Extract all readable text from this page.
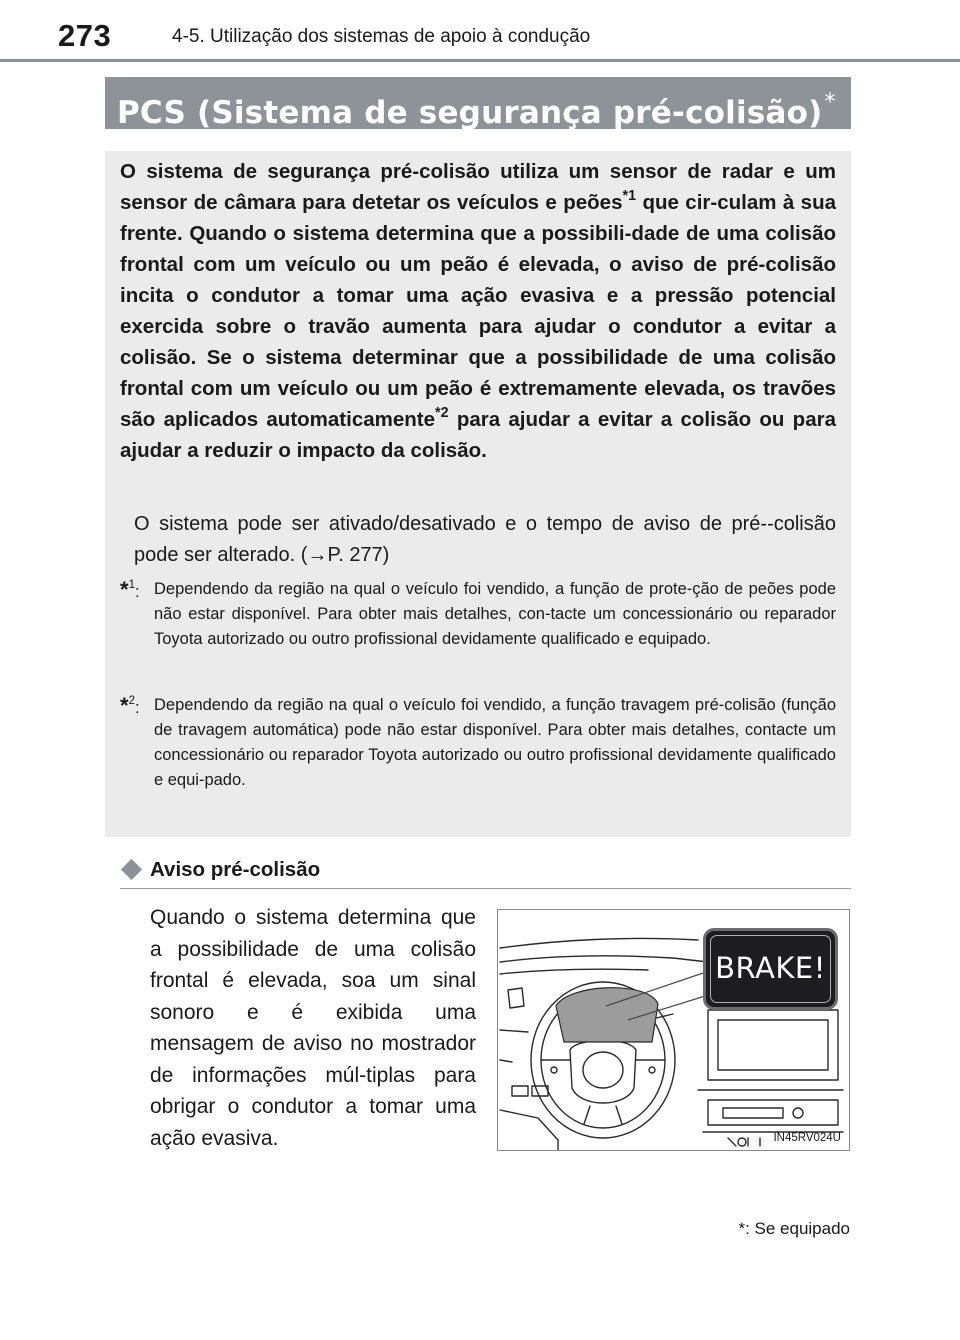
273	4-5. Utilização dos sistemas de apoio à condução
PCS (Sistema de segurança pré-colisão)*
O sistema de segurança pré-colisão utiliza um sensor de radar e um sensor de câmara para detetar os veículos e peões$^{*1}$ que cir-culam à sua frente. Quando o sistema determina que a possibili-dade de uma colisão frontal com um veículo ou um peão é elevada, o aviso de pré-colisão incita o condutor a tomar uma ação evasiva e a pressão potencial exercida sobre o travão aumenta para ajudar o condutor a evitar a colisão. Se o sistema determinar que a possibilidade de uma colisão frontal com um veículo ou um peão é extremamente elevada, os travões são aplicados automaticamente$^{*2}$ para ajudar a evitar a colisão ou para ajudar a reduzir o impacto da colisão.
O sistema pode ser ativado/desativado e o tempo de aviso de pré--colisão pode ser alterado. (→P. 277)
*$^1$: Dependendo da região na qual o veículo foi vendido, a função de prote-ção de peões pode não estar disponível. Para obter mais detalhes, con-tacte um concessionário ou reparador Toyota autorizado ou outro profissional devidamente qualificado e equipado.
*$^2$: Dependendo da região na qual o veículo foi vendido, a função travagem pré-colisão (função de travagem automática) pode não estar disponível. Para obter mais detalhes, contacte um concessionário ou reparador Toyota autorizado ou outro profissional devidamente qualificado e equi-pado.
Aviso pré-colisão
Quando o sistema determina que a possibilidade de uma colisão frontal é elevada, soa um sinal sonoro e é exibida uma mensagem de aviso no mostrador de informações múl-tiplas para obrigar o condutor a tomar uma ação evasiva.
BRAKE!
IN45RV024U
*: Se equipado
